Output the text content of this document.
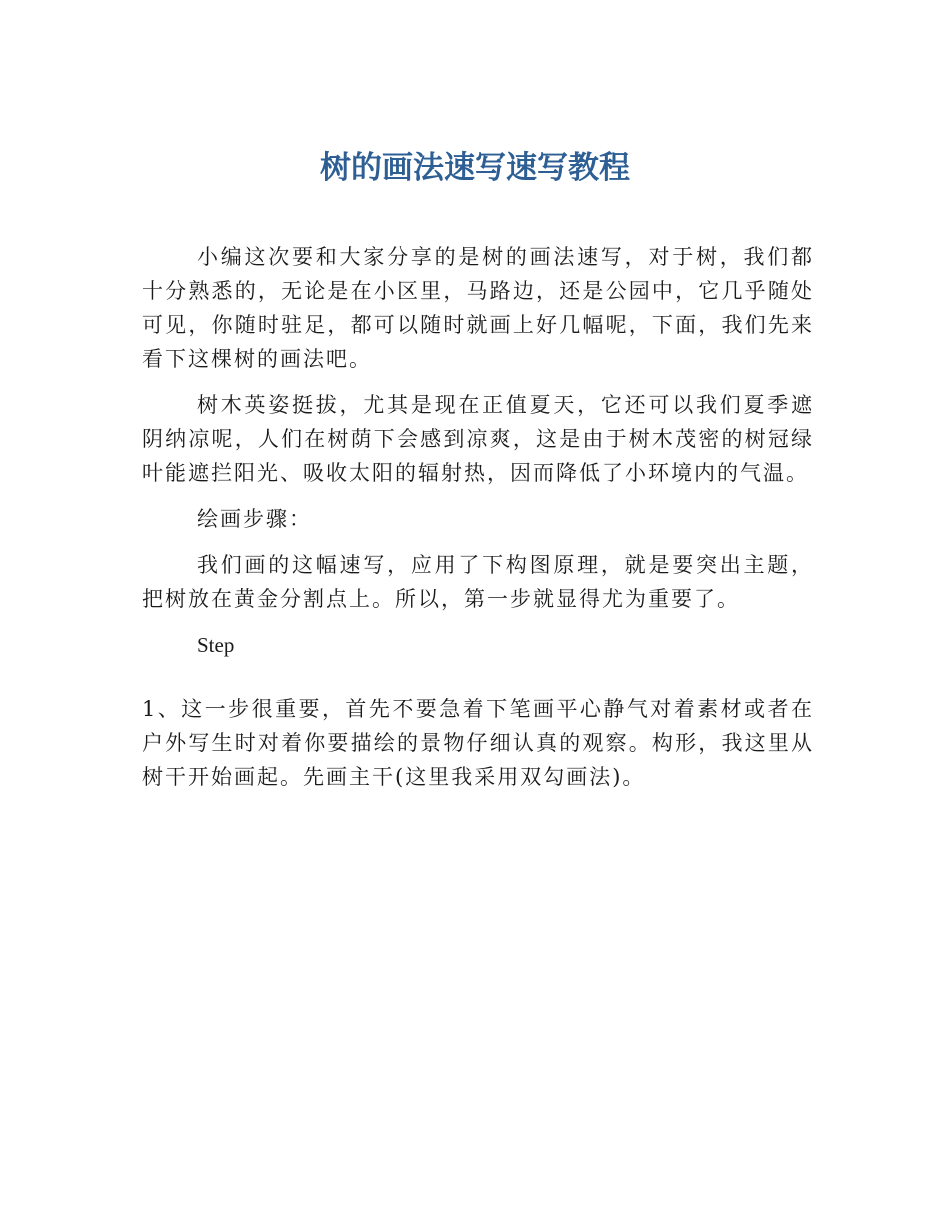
树的画法速写速写教程

小编这次要和大家分享的是树的画法速写，对于树，我们都十分熟悉的，无论是在小区里，马路边，还是公园中，它几乎随处可见，你随时驻足，都可以随时就画上好几幅呢，下面，我们先来看下这棵树的画法吧。

树木英姿挺拔，尤其是现在正值夏天，它还可以我们夏季遮阴纳凉呢，人们在树荫下会感到凉爽，这是由于树木茂密的树冠绿叶能遮拦阳光、吸收太阳的辐射热，因而降低了小环境内的气温。

绘画步骤：

我们画的这幅速写，应用了下构图原理，就是要突出主题，把树放在黄金分割点上。所以，第一步就显得尤为重要了。

Step

1、这一步很重要，首先不要急着下笔画平心静气对着素材或者在户外写生时对着你要描绘的景物仔细认真的观察。构形，我这里从树干开始画起。先画主干(这里我采用双勾画法)。
